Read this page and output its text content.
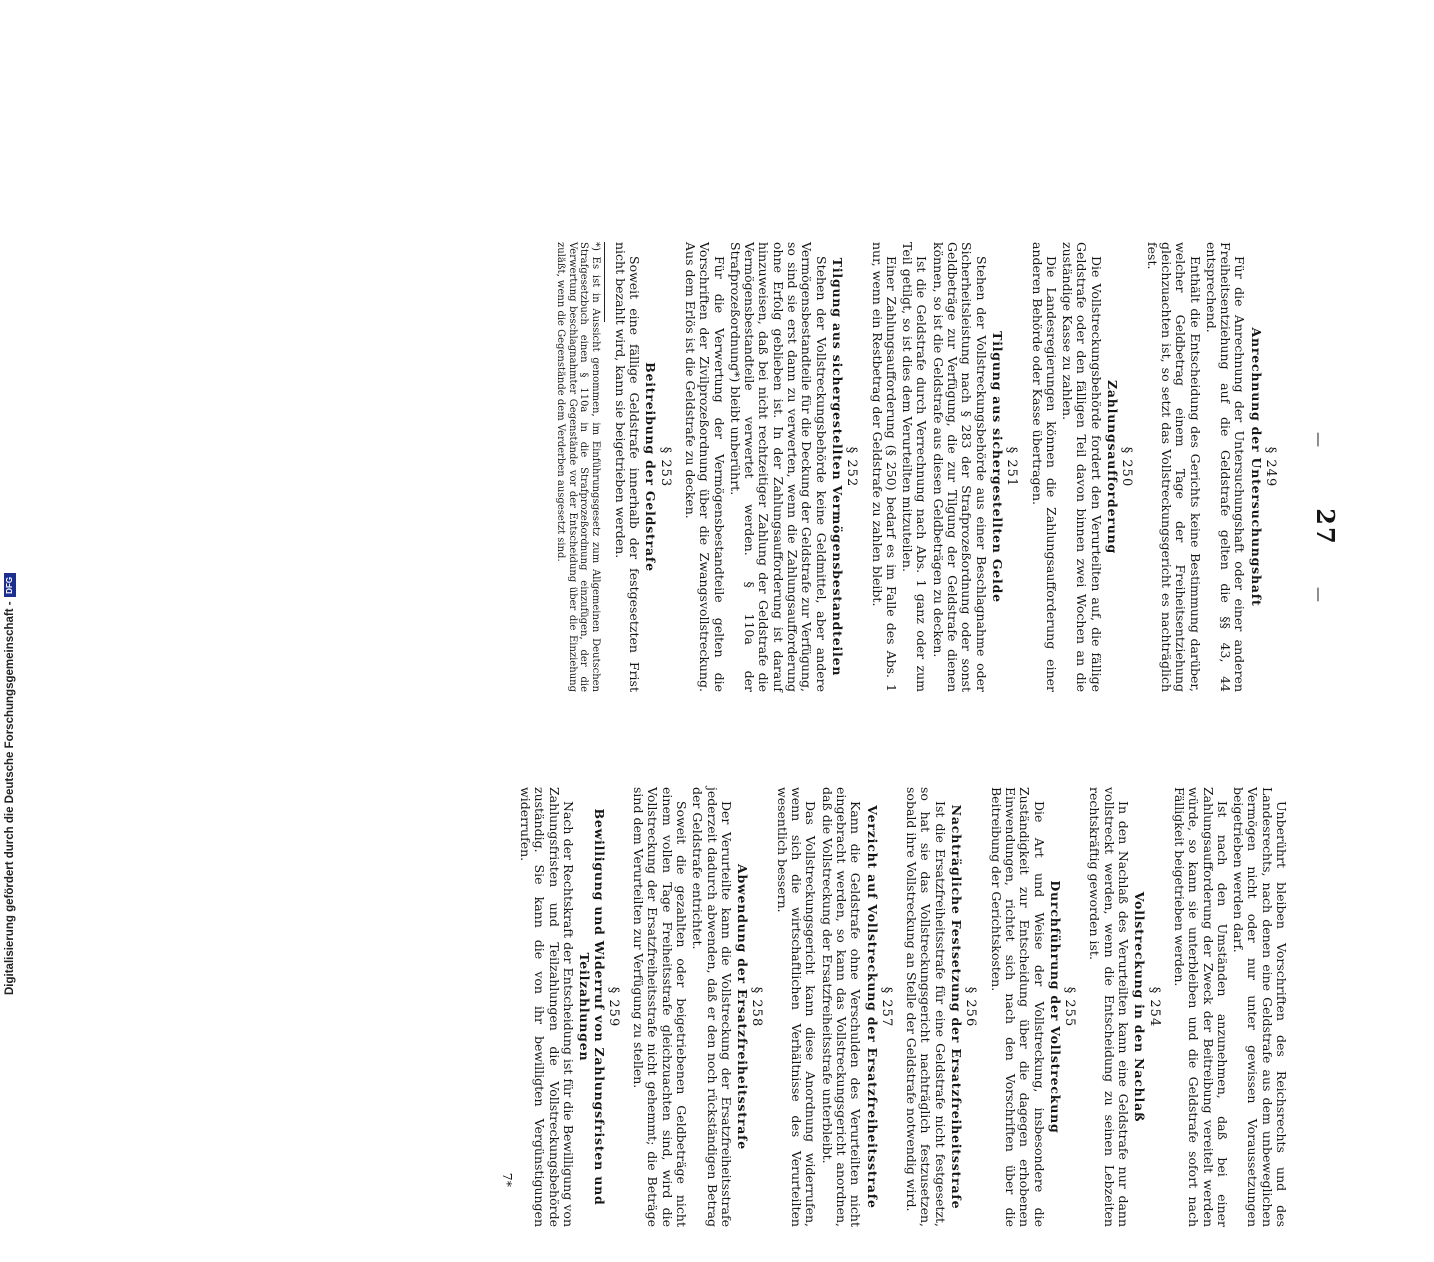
—
27
—
§ 249
Anrechnung der Untersuchungshaft

Für die Anrechnung der Untersuchungshaft oder einer anderen Freiheitsentziehung auf die Geldstrafe gelten die §§ 43, 44 entsprechend.

Enthält die Entscheidung des Gerichts keine Bestimmung darüber, welcher Geldbetrag einem Tage der Freiheitsentziehung gleichzuachten ist, so setzt das Vollstreckungsgericht es nachträglich fest.

§ 250
Zahlungsaufforderung

Die Vollstreckungsbehörde fordert den Verurteilten auf, die fällige Geldstrafe oder den fälligen Teil davon binnen zwei Wochen an die zuständige Kasse zu zahlen.

Die Landesregierungen können die Zahlungsaufforderung einer anderen Behörde oder Kasse übertragen.

§ 251
Tilgung aus sichergestellten Gelde

Stehen der Vollstreckungsbehörde aus einer Beschlagnahme oder Sicherheitsleistung nach § 283 der Strafprozeßordnung oder sonst Geldbeträge zur Verfügung, die zur Tilgung der Geldstrafe dienen können, so ist die Geldstrafe aus diesen Geldbeträgen zu decken.

Ist die Geldstrafe durch Verrechnung nach Abs. 1 ganz oder zum Teil getilgt, so ist dies dem Verurteilten mitzuteilen.

Einer Zahlungsaufforderung (§ 250) bedarf es im Falle des Abs. 1 nur, wenn ein Restbetrag der Geldstrafe zu zahlen bleibt.

§ 252
Tilgung aus sichergestellten Vermögensbestandteilen

Stehen der Vollstreckungsbehörde keine Geldmittel, aber andere Vermögensbestandteile für die Deckung der Geldstrafe zur Verfügung, so sind sie erst dann zu verwerten, wenn die Zahlungsaufforderung ohne Erfolg geblieben ist. In der Zahlungsaufforderung ist darauf hinzuweisen, daß bei nicht rechtzeitiger Zahlung der Geldstrafe die Vermögensbestandteile verwertet werden. § 110a der Strafprozeßordnung*) bleibt unberührt.

Für die Verwertung der Vermögensbestandteile gelten die Vorschriften der Zivilprozeßordnung über die Zwangsvollstreckung. Aus dem Erlös ist die Geldstrafe zu decken.

§ 253
Beitreibung der Geldstrafe

Soweit eine fällige Geldstrafe innerhalb der festgesetzten Frist nicht bezahlt wird, kann sie beigetrieben werden.

*) Es ist in Aussicht genommen, im Einführungsgesetz zum Allgemeinen Deutschen Strafgesetzbuch einen § 110a in die Strafprozeßordnung einzufügen, der die Verwertung beschlagnahmter Gegenstände vor der Entscheidung über die Einziehung zuläßt, wenn die Gegenstände dem Verderben ausgesetzt sind.

Unberührt bleiben Vorschriften des Reichsrechts und des Landesrechts, nach denen eine Geldstrafe aus dem unbeweglichen Vermögen nicht oder nur unter gewissen Voraussetzungen beigetrieben werden darf.

Ist nach den Umständen anzunehmen, daß bei einer Zahlungsaufforderung der Zweck der Beitreibung vereitelt werden würde, so kann sie unterbleiben und die Geldstrafe sofort nach Fälligkeit beigetrieben werden.

§ 254
Vollstreckung in den Nachlaß

In den Nachlaß des Verurteilten kann eine Geldstrafe nur dann vollstreckt werden, wenn die Entscheidung zu seinen Lebzeiten rechtskräftig geworden ist.

§ 255
Durchführung der Vollstreckung

Die Art und Weise der Vollstreckung, insbesondere die Zuständigkeit zur Entscheidung über die dagegen erhobenen Einwendungen, richtet sich nach den Vorschriften über die Beitreibung der Gerichtskosten.

§ 256
Nachträgliche Festsetzung der Ersatzfreiheitsstrafe

Ist die Ersatzfreiheitsstrafe für eine Geldstrafe nicht festgesetzt, so hat sie das Vollstreckungsgericht nachträglich festzusetzen, sobald ihre Vollstreckung an Stelle der Geldstrafe notwendig wird.

§ 257
Verzicht auf Vollstreckung der Ersatzfreiheitsstrafe

Kann die Geldstrafe ohne Verschulden des Verurteilten nicht eingebracht werden, so kann das Vollstreckungsgericht anordnen, daß die Vollstreckung der Ersatzfreiheitsstrafe unterbleibt.

Das Vollstreckungsgericht kann diese Anordnung widerrufen, wenn sich die wirtschaftlichen Verhältnisse des Verurteilten wesentlich bessern.

§ 258
Abwendung der Ersatzfreiheitsstrafe

Der Verurteilte kann die Vollstreckung der Ersatzfreiheitsstrafe jederzeit dadurch abwenden, daß er den noch rückständigen Betrag der Geldstrafe entrichtet.

Soweit die gezahlten oder beigetriebenen Geldbeträge nicht einem vollen Tage Freiheitsstrafe gleichzuachten sind, wird die Vollstreckung der Ersatzfreiheitsstrafe nicht gehemmt; die Beträge sind dem Verurteilten zur Verfügung zu stellen.

§ 259
Bewilligung und Widerruf von Zahlungsfristen und Teilzahlungen

Nach der Rechtskraft der Entscheidung ist für die Bewilligung von Zahlungsfristen und Teilzahlungen die Vollstreckungsbehörde zuständig. Sie kann die von ihr bewilligten Vergünstigungen widerrufen.

7*
Digitalisierung gefördert durch die Deutsche Forschungsgemeinschaft -
DFG
